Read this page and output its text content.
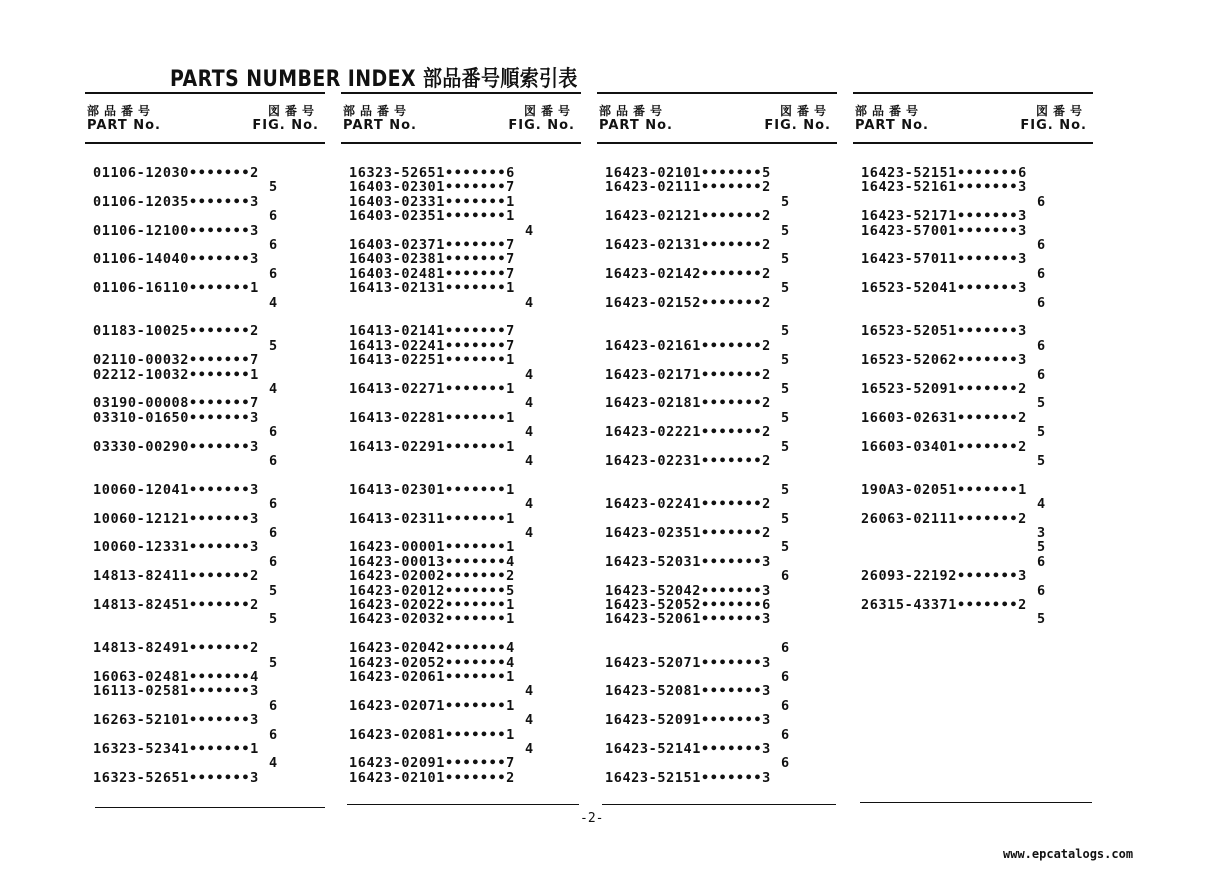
PARTS NUMBER INDEX 部品番号順索引表
部品番号
PART No.
図番号
FIG. No.
01106-12030•••••••2
5
01106-12035•••••••3
6
01106-12100•••••••3
6
01106-14040•••••••3
6
01106-16110•••••••1
4
01183-10025•••••••2
5
02110-00032•••••••7
02212-10032•••••••1
4
03190-00008•••••••7
03310-01650•••••••3
6
03330-00290•••••••3
6
10060-12041•••••••3
6
10060-12121•••••••3
6
10060-12331•••••••3
6
14813-82411•••••••2
5
14813-82451•••••••2
5
14813-82491•••••••2
5
16063-02481•••••••4
16113-02581•••••••3
6
16263-52101•••••••3
6
16323-52341•••••••1
4
16323-52651•••••••3
部品番号
PART No.
図番号
FIG. No.
16323-52651•••••••6
16403-02301•••••••7
16403-02331•••••••1
16403-02351•••••••1
4
16403-02371•••••••7
16403-02381•••••••7
16403-02481•••••••7
16413-02131•••••••1
4
16413-02141•••••••7
16413-02241•••••••7
16413-02251•••••••1
4
16413-02271•••••••1
4
16413-02281•••••••1
4
16413-02291•••••••1
4
16413-02301•••••••1
4
16413-02311•••••••1
4
16423-00001•••••••1
16423-00013•••••••4
16423-02002•••••••2
16423-02012•••••••5
16423-02022•••••••1
16423-02032•••••••1
16423-02042•••••••4
16423-02052•••••••4
16423-02061•••••••1
4
16423-02071•••••••1
4
16423-02081•••••••1
4
16423-02091•••••••7
16423-02101•••••••2
部品番号
PART No.
図番号
FIG. No.
16423-02101•••••••5
16423-02111•••••••2
5
16423-02121•••••••2
5
16423-02131•••••••2
5
16423-02142•••••••2
5
16423-02152•••••••2
5
16423-02161•••••••2
5
16423-02171•••••••2
5
16423-02181•••••••2
5
16423-02221•••••••2
5
16423-02231•••••••2
5
16423-02241•••••••2
5
16423-02351•••••••2
5
16423-52031•••••••3
6
16423-52042•••••••3
16423-52052•••••••6
16423-52061•••••••3
6
16423-52071•••••••3
6
16423-52081•••••••3
6
16423-52091•••••••3
6
16423-52141•••••••3
6
16423-52151•••••••3
部品番号
PART No.
図番号
FIG. No.
16423-52151•••••••6
16423-52161•••••••3
6
16423-52171•••••••3
16423-57001•••••••3
6
16423-57011•••••••3
6
16523-52041•••••••3
6
16523-52051•••••••3
6
16523-52062•••••••3
6
16523-52091•••••••2
5
16603-02631•••••••2
5
16603-03401•••••••2
5
190A3-02051•••••••1
4
26063-02111•••••••2
3
5
6
26093-22192•••••••3
6
26315-43371•••••••2
5
-2-
www.epcatalogs.com
